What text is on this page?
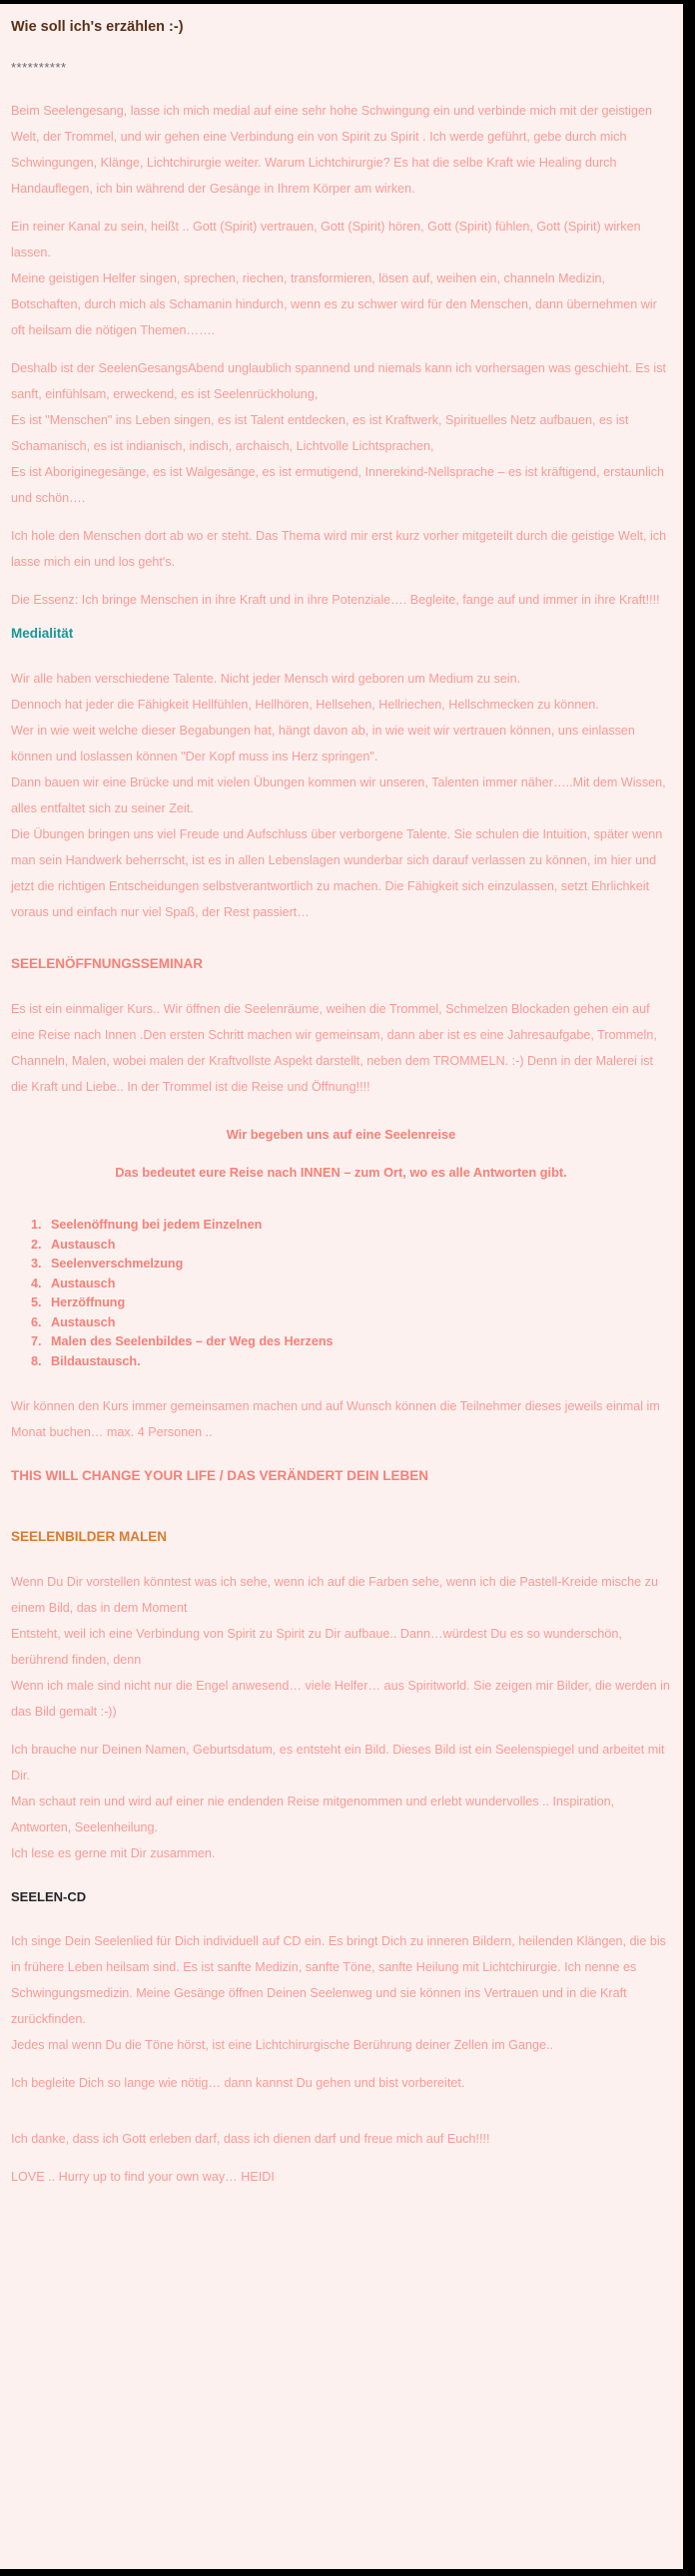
Wie soll ich's erzählen :-)
**********

Beim Seelengesang, lasse ich mich medial auf eine sehr hohe Schwingung ein und verbinde mich mit der geistigen Welt, der Trommel, und wir gehen eine Verbindung ein von Spirit zu Spirit . Ich werde geführt, gebe durch mich Schwingungen, Klänge, Lichtchirurgie weiter. Warum Lichtchirurgie? Es hat die selbe Kraft wie Healing durch Handauflegen, ich bin während der Gesänge in Ihrem Körper am wirken.

Ein reiner Kanal zu sein, heißt .. Gott (Spirit) vertrauen, Gott (Spirit) hören, Gott (Spirit) fühlen, Gott (Spirit) wirken lassen.

Meine geistigen Helfer singen, sprechen, riechen, transformieren, lösen auf, weihen ein, channeln Medizin, Botschaften, durch mich als Schamanin hindurch, wenn es zu schwer wird für den Menschen, dann übernehmen wir oft heilsam die nötigen Themen…….

Deshalb ist der SeelenGesangsAbend unglaublich spannend und niemals kann ich vorhersagen was geschieht. Es ist sanft, einfühlsam, erweckend, es ist Seelenrückholung,

Es ist "Menschen" ins Leben singen, es ist Talent entdecken, es ist Kraftwerk, Spirituelles Netz aufbauen, es ist Schamanisch, es ist indianisch, indisch, archaisch, Lichtvolle Lichtsprachen,

Es ist Aboriginegesänge, es ist Walgesänge, es ist ermutigend, Innerekind-Nellsprache – es ist kräftigend, erstaunlich und schön….

Ich hole den Menschen dort ab wo er steht. Das Thema wird mir erst kurz vorher mitgeteilt durch die geistige Welt, ich lasse mich ein und los geht's.

Die Essenz: Ich bringe Menschen in ihre Kraft und in ihre Potenziale…. Begleite, fange auf und immer in ihre Kraft!!!!

Medialität

Wir alle haben verschiedene Talente. Nicht jeder Mensch wird geboren um Medium zu sein.

Dennoch hat jeder die Fähigkeit Hellfühlen, Hellhören, Hellsehen, Hellriechen, Hellschmecken zu können.

Wer in wie weit welche dieser Begabungen hat, hängt davon ab, in wie weit wir vertrauen können, uns einlassen können und loslassen können "Der Kopf muss ins Herz springen".

Dann bauen wir eine Brücke und mit vielen Übungen kommen wir unseren, Talenten immer näher…..Mit dem Wissen, alles entfaltet sich zu seiner Zeit.

Die Übungen bringen uns viel Freude und Aufschluss über verborgene Talente. Sie schulen die Intuition, später wenn man sein Handwerk beherrscht, ist es in allen Lebenslagen wunderbar sich darauf verlassen zu können, im hier und jetzt die richtigen Entscheidungen selbstverantwortlich zu machen. Die Fähigkeit sich einzulassen, setzt Ehrlichkeit voraus und einfach nur viel Spaß, der Rest passiert…

SEELENÖFFNUNGSSEMINAR

Es ist ein einmaliger Kurs.. Wir öffnen die Seelenräume, weihen die Trommel, Schmelzen Blockaden gehen ein auf eine Reise nach Innen .Den ersten Schritt machen wir gemeinsam, dann aber ist es eine Jahresaufgabe, Trommeln, Channeln, Malen, wobei malen der Kraftvollste Aspekt darstellt, neben dem TROMMELN. :-) Denn in der Malerei ist die Kraft und Liebe.. In der Trommel ist die Reise und Öffnung!!!!

Wir begeben uns auf eine Seelenreise

Das bedeutet eure Reise nach INNEN – zum Ort, wo es alle Antworten gibt.

1. Seelenöffnung bei jedem Einzelnen
2. Austausch
3. Seelenverschmelzung
4. Austausch
5. Herzöffnung
6. Austausch
7. Malen des Seelenbildes – der Weg des Herzens
8. Bildaustausch.

Wir können den Kurs immer gemeinsamen machen und auf Wunsch können die Teilnehmer dieses jeweils einmal im Monat buchen… max. 4 Personen ..

THIS WILL CHANGE YOUR LIFE / DAS VERÄNDERT DEIN LEBEN
SEELENBILDER MALEN

Wenn Du Dir vorstellen könntest was ich sehe, wenn ich auf die Farben sehe, wenn ich die Pastell-Kreide mische zu einem Bild, das in dem Moment

Entsteht, weil ich eine Verbindung von Spirit zu Spirit zu Dir aufbaue.. Dann…würdest Du es so wunderschön, berührend finden, denn

Wenn ich male sind nicht nur die Engel anwesend… viele Helfer… aus Spiritworld. Sie zeigen mir Bilder, die werden in das Bild gemalt :-))

Ich brauche nur Deinen Namen, Geburtsdatum, es entsteht ein Bild. Dieses Bild ist ein Seelenspiegel und arbeitet mit Dir.

Man schaut rein und wird auf einer nie endenden Reise mitgenommen und erlebt wundervolles .. Inspiration, Antworten, Seelenheilung.

Ich lese es gerne mit Dir zusammen.

SEELEN-CD

Ich singe Dein Seelenlied für Dich individuell auf CD ein. Es bringt Dich zu inneren Bildern, heilenden Klängen, die bis in frühere Leben heilsam sind. Es ist sanfte Medizin, sanfte Töne, sanfte Heilung mit Lichtchirurgie. Ich nenne es Schwingungsmedizin. Meine Gesänge öffnen Deinen Seelenweg und sie können ins Vertrauen und in die Kraft zurückfinden.

Jedes mal wenn Du die Töne hörst, ist eine Lichtchirurgische Berührung deiner Zellen im Gange..

Ich begleite Dich so lange wie nötig… dann kannst Du gehen und bist vorbereitet.

Ich danke, dass ich Gott erleben darf, dass ich dienen darf und freue mich auf Euch!!!!

LOVE .. Hurry up to find your own way… HEIDI
